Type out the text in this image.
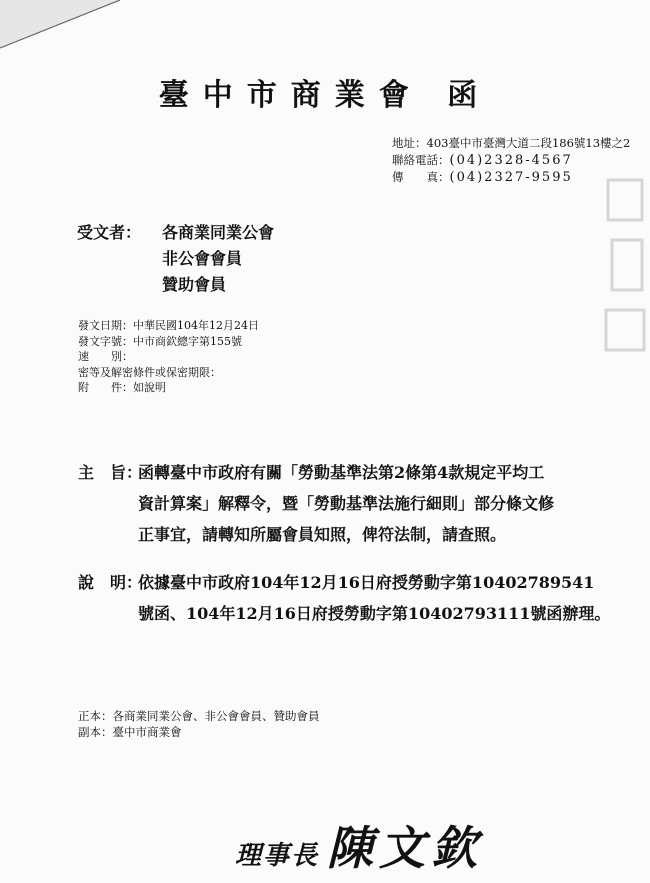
臺中市商業會 函
地址：403臺中市臺灣大道二段186號13樓之2
聯絡電話：(04)2328-4567
傳　　真：(04)2327-9595
受文者： 各商業同業公會
非公會會員
贊助會員
發文日期：中華民國104年12月24日
發文字號：中市商欽總字第155號
速　　別：
密等及解密條件或保密期限：
附　　件：如說明
主　旨：函轉臺中市政府有關「勞動基準法第2條第4款規定平均工
資計算案」解釋令，暨「勞動基準法施行細則」部分條文修
正事宜，請轉知所屬會員知照，俾符法制，請查照。
說　明：依據臺中市政府104年12月16日府授勞動字第10402789541
號函、104年12月16日府授勞動字第10402793111號函辦理。
正本：各商業同業公會、非公會會員、贊助會員
副本：臺中市商業會
理事長 陳文欽
